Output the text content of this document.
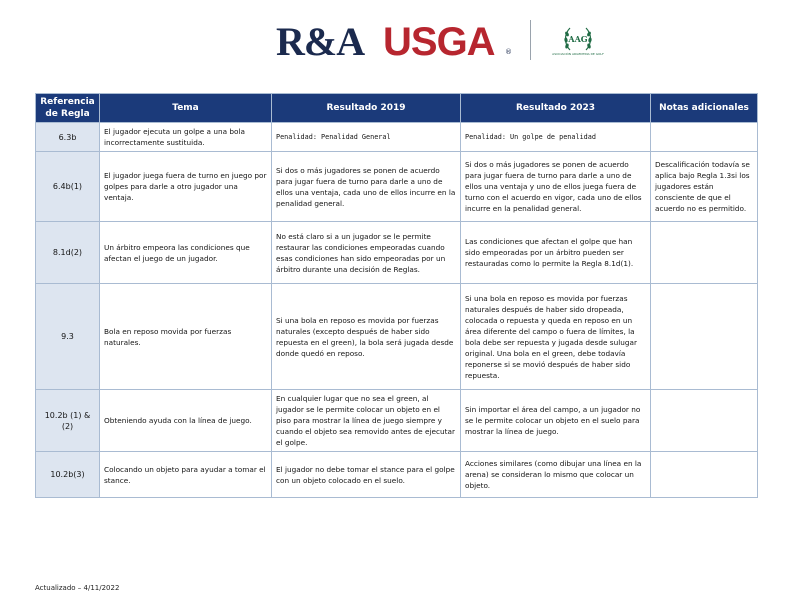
R&A USGA ®
AAG
ASOCIACIÓN ARGENTINA DE GOLF
Referencia de Regla	Tema	Resultado 2019	Resultado 2023	Notas adicionales
6.3b	El jugador ejecuta un golpe a una bola incorrectamente sustituida.	Penalidad: Penalidad General	Penalidad: Un golpe de penalidad	
6.4b(1)	El jugador juega fuera de turno en juego por golpes para darle a otro jugador una ventaja.	Si dos o más jugadores se ponen de acuerdo para jugar fuera de turno para darle a uno de ellos una ventaja, cada uno de ellos incurre en la penalidad general.	Si dos o más jugadores se ponen de acuerdo para jugar fuera de turno para darle a uno de ellos una ventaja y uno de ellos juega fuera de turno con el acuerdo en vigor, cada uno de ellos incurre en la penalidad general.	Descalificación todavía se aplica bajo Regla 1.3si los jugadores están consciente de que el acuerdo no es permitido.
8.1d(2)	Un árbitro empeora las condiciones que afectan el juego de un jugador.	No está claro si a un jugador se le permite restaurar las condiciones empeoradas cuando esas condiciones han sido empeoradas por un árbitro durante una decisión de Reglas.	Las condiciones que afectan el golpe que han sido empeoradas por un árbitro pueden ser restauradas como lo permite la Regla 8.1d(1).	
9.3	Bola en reposo movida por fuerzas naturales.	Si una bola en reposo es movida por fuerzas naturales (excepto después de haber sido repuesta en el green), la bola será jugada desde donde quedó en reposo.	Si una bola en reposo es movida por fuerzas naturales después de haber sido dropeada, colocada o repuesta y queda en reposo en un área diferente del campo o fuera de límites, la bola debe ser repuesta y jugada desde sulugar original. Una bola en el green, debe todavía reponerse si se movió después de haber sido repuesta.	
10.2b (1) & (2)	Obteniendo ayuda con la línea de juego.	En cualquier lugar que no sea el green, al jugador se le permite colocar un objeto en el piso para mostrar la línea de juego siempre y cuando el objeto sea removido antes de ejecutar el golpe.	Sin importar el área del campo, a un jugador no se le permite colocar un objeto en el suelo para mostrar la línea de juego.	
10.2b(3)	Colocando un objeto para ayudar a tomar el stance.	El jugador no debe tomar el stance para el golpe con un objeto colocado en el suelo.	Acciones similares (como dibujar una línea en la arena) se consideran lo mismo que colocar un objeto.	
Actualizado – 4/11/2022
